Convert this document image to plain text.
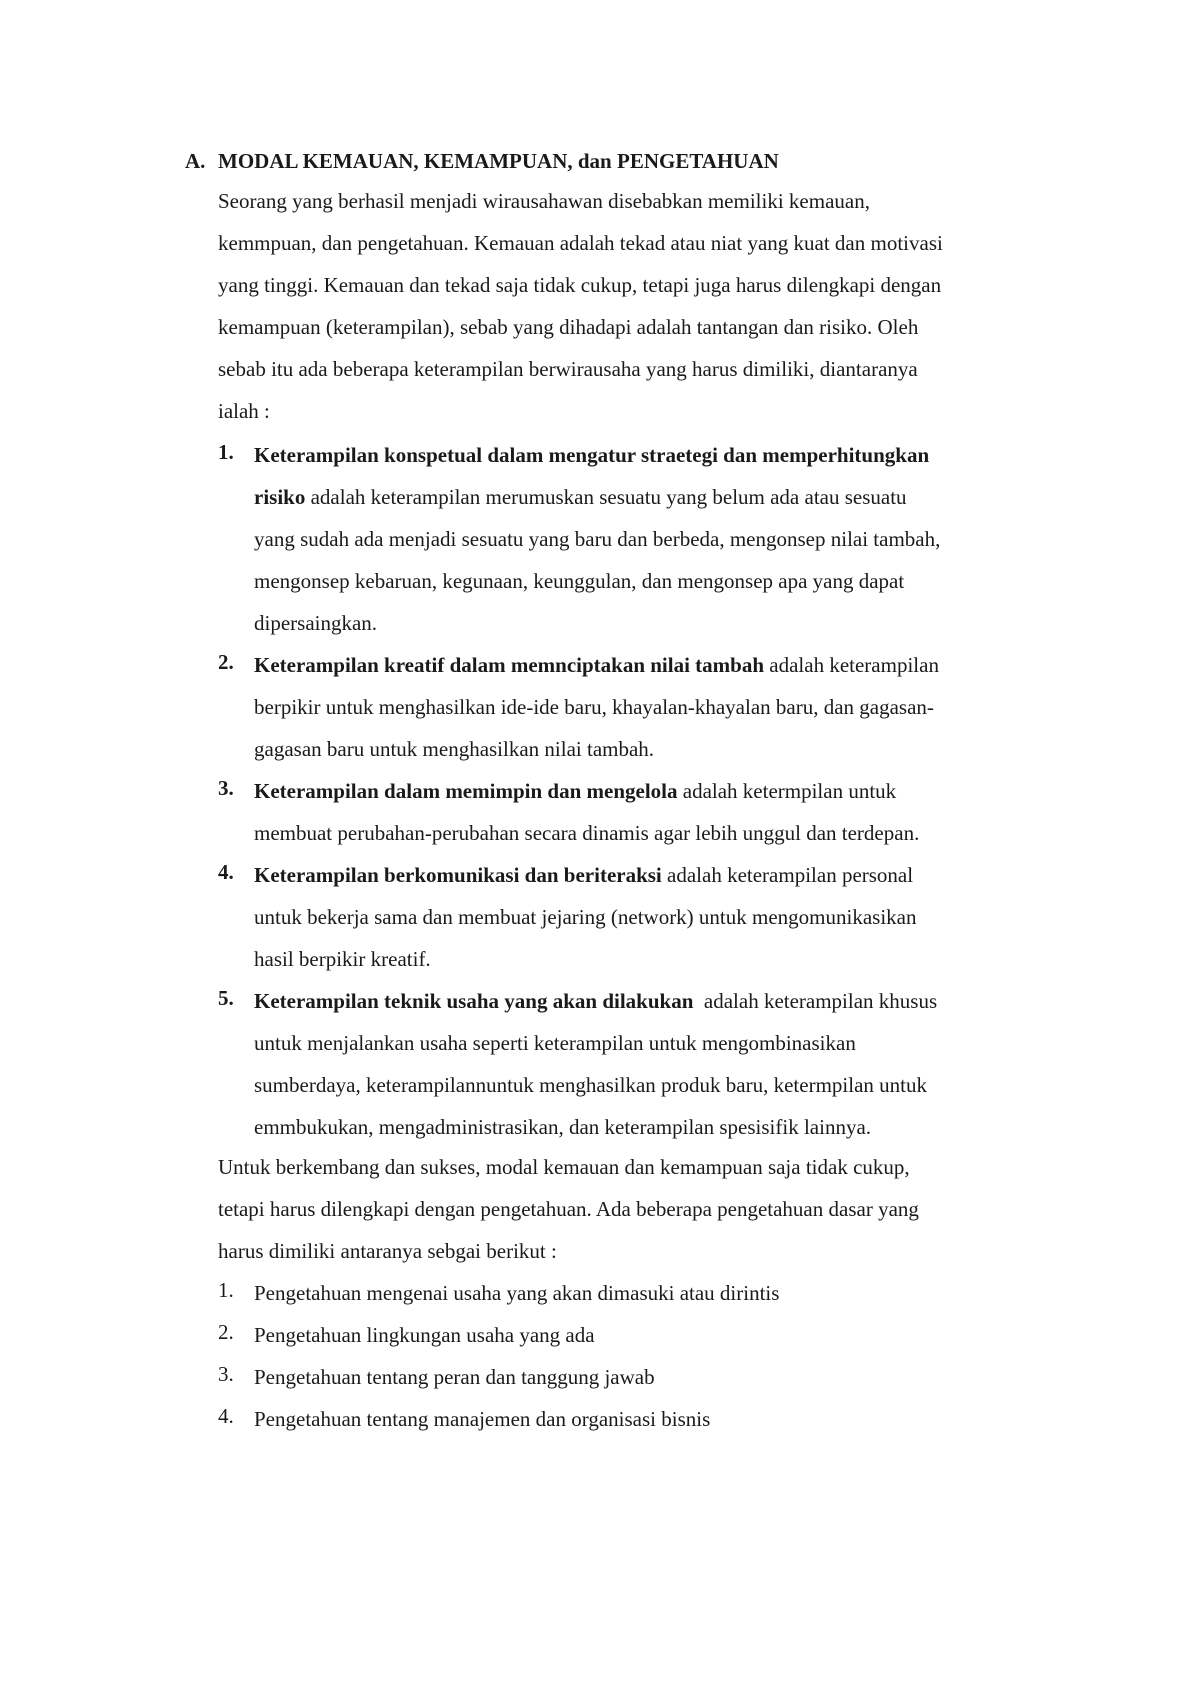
A. MODAL KEMAUAN, KEMAMPUAN, dan PENGETAHUAN
Seorang yang berhasil menjadi wirausahawan disebabkan memiliki kemauan,
kemmpuan, dan pengetahuan. Kemauan adalah tekad atau niat yang kuat dan motivasi
yang tinggi. Kemauan dan tekad saja tidak cukup, tetapi juga harus dilengkapi dengan
kemampuan (keterampilan), sebab yang dihadapi adalah tantangan dan risiko. Oleh
sebab itu ada beberapa keterampilan berwirausaha yang harus dimiliki, diantaranya
ialah :
1. Keterampilan konspetual dalam mengatur straetegi dan memperhitungkan
risiko adalah keterampilan merumuskan sesuatu yang belum ada atau sesuatu
yang sudah ada menjadi sesuatu yang baru dan berbeda, mengonsep nilai tambah,
mengonsep kebaruan, kegunaan, keunggulan, dan mengonsep apa yang dapat
dipersaingkan.
2. Keterampilan kreatif dalam memnciptakan nilai tambah adalah keterampilan
berpikir untuk menghasilkan ide-ide baru, khayalan-khayalan baru, dan gagasan-
gagasan baru untuk menghasilkan nilai tambah.
3. Keterampilan dalam memimpin dan mengelola adalah ketermpilan untuk
membuat perubahan-perubahan secara dinamis agar lebih unggul dan terdepan.
4. Keterampilan berkomunikasi dan beriteraksi adalah keterampilan personal
untuk bekerja sama dan membuat jejaring (network) untuk mengomunikasikan
hasil berpikir kreatif.
5. Keterampilan teknik usaha yang akan dilakukan  adalah keterampilan khusus
untuk menjalankan usaha seperti keterampilan untuk mengombinasikan
sumberdaya, keterampilannuntuk menghasilkan produk baru, ketermpilan untuk
emmbukukan, mengadministrasikan, dan keterampilan spesisifik lainnya.
Untuk berkembang dan sukses, modal kemauan dan kemampuan saja tidak cukup,
tetapi harus dilengkapi dengan pengetahuan. Ada beberapa pengetahuan dasar yang
harus dimiliki antaranya sebgai berikut :
1. Pengetahuan mengenai usaha yang akan dimasuki atau dirintis
2. Pengetahuan lingkungan usaha yang ada
3. Pengetahuan tentang peran dan tanggung jawab
4. Pengetahuan tentang manajemen dan organisasi bisnis
